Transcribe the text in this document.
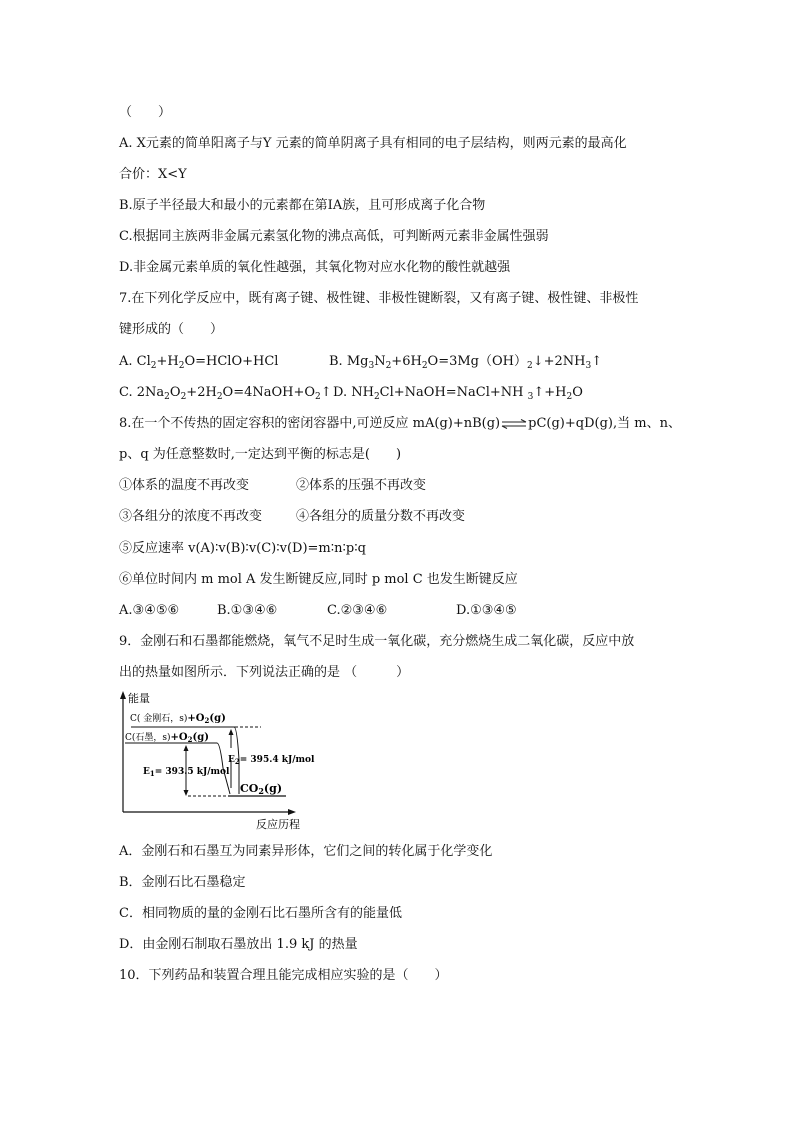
（　　）
A. X元素的简单阳离子与Y 元素的简单阴离子具有相同的电子层结构，则两元素的最高化
合价：X<Y
B.原子半径最大和最小的元素都在第ⅠA族，且可形成离子化合物
C.根据同主族两非金属元素氢化物的沸点高低，可判断两元素非金属性强弱
D.非金属元素单质的氧化性越强，其氧化物对应水化物的酸性就越强
7.在下列化学反应中，既有离子键、极性键、非极性键断裂，又有离子键、极性键、非极性
键形成的（　　）
A. $Cl_2+H_2O=HClO+HCl$	B. $Mg_3N_2+6H_2O=3Mg(OH)_2↓+2NH_3↑$
C. $2Na_2O_2+2H_2O=4NaOH+O_2↑$ D. $NH_2Cl+NaOH=NaCl+NH$ $_3↑+H_2O$
8.在一个不传热的固定容积的密闭容器中,可逆反应 mA(g)+nB(g)⇌pC(g)+qD(g),当 m、n、
p、q 为任意整数时,一定达到平衡的标志是(　　)
①体系的温度不再改变	②体系的压强不再改变
③各组分的浓度不再改变	④各组分的质量分数不再改变
⑤反应速率 v(A)∶v(B)∶v(C)∶v(D)=m∶n∶p∶q
⑥单位时间内 m mol A 发生断键反应,同时 p mol C 也发生断键反应
A.③④⑤⑥	B.①③④⑥	C.②③④⑥	D.①③④⑤
9．金刚石和石墨都能燃烧，氧气不足时生成一氧化碳，充分燃烧生成二氧化碳，反应中放
出的热量如图所示．下列说法正确的是 （　　　）
能量
反应历程
C( 金刚石，$s)+O_2(g)$
C(石墨，$s)+O_2(g)$
CO2(g)
$E_1= 393.5$ kJ/mol
$E_2= 395.4$ kJ/mol
A．金刚石和石墨互为同素异形体，它们之间的转化属于化学变化
B．金刚石比石墨稳定
C．相同物质的量的金刚石比石墨所含有的能量低
D．由金刚石制取石墨放出 1.9 kJ 的热量
10．下列药品和装置合理且能完成相应实验的是（　　）
